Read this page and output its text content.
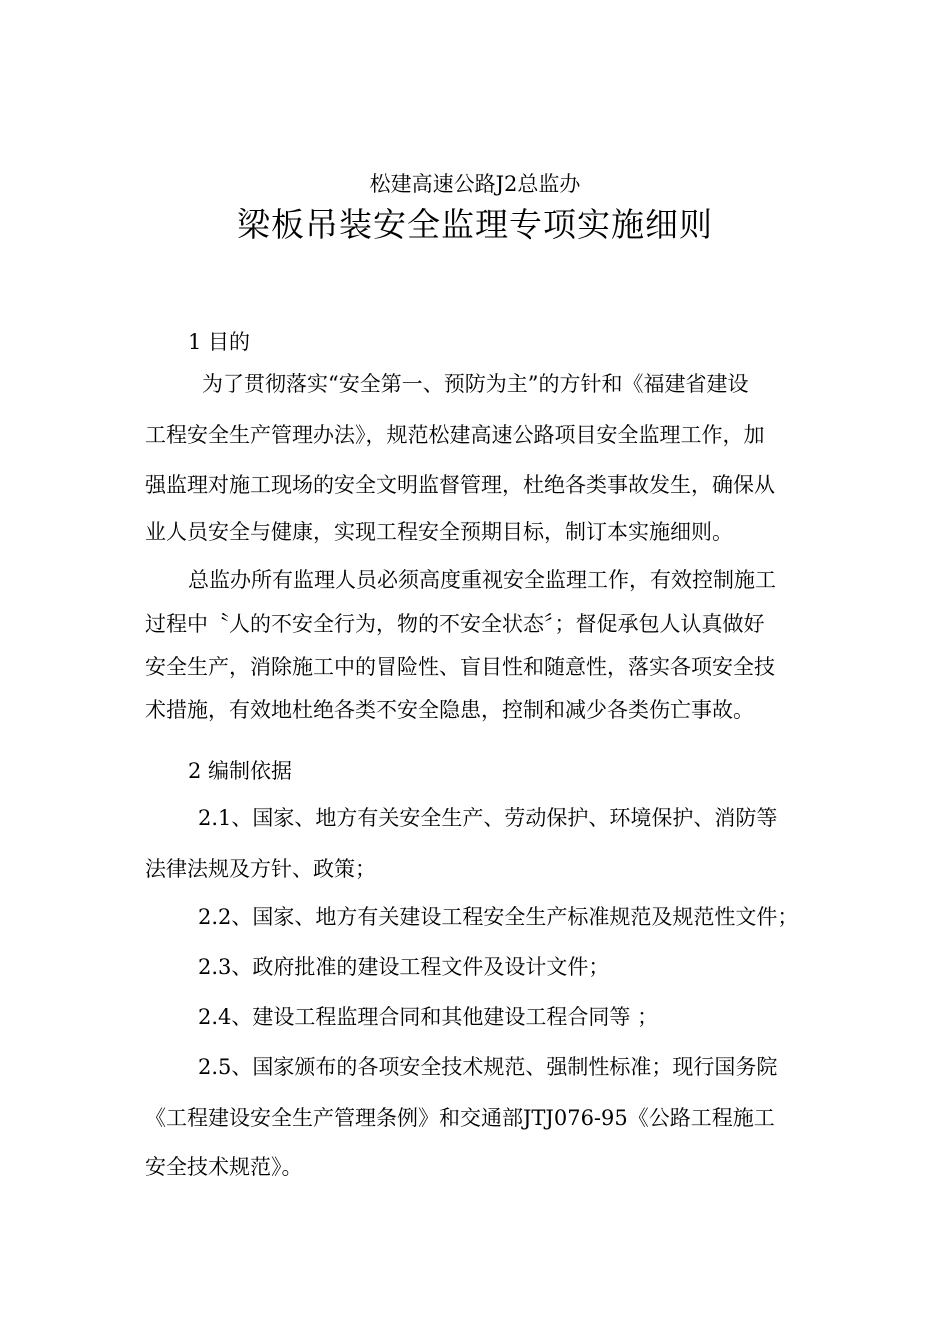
松建高速公路J2总监办
梁板吊装安全监理专项实施细则
1 目的
为了贯彻落实“安全第一、预防为主”的方针和《福建省建设
工程安全生产管理办法》，规范松建高速公路项目安全监理工作，加
强监理对施工现场的安全文明监督管理，杜绝各类事故发生，确保从
业人员安全与健康，实现工程安全预期目标，制订本实施细则。
总监办所有监理人员必须高度重视安全监理工作，有效控制施工
过程中〝人的不安全行为，物的不安全状态〞；督促承包人认真做好
安全生产，消除施工中的冒险性、盲目性和随意性，落实各项安全技
术措施，有效地杜绝各类不安全隐患，控制和减少各类伤亡事故。
2 编制依据
2.1、国家、地方有关安全生产、劳动保护、环境保护、消防等
法律法规及方针、政策；
2.2、国家、地方有关建设工程安全生产标准规范及规范性文件；
2.3、政府批准的建设工程文件及设计文件；
2.4、建设工程监理合同和其他建设工程合同等 ；
2.5、国家颁布的各项安全技术规范、强制性标准；现行国务院
《工程建设安全生产管理条例》和交通部JTJ076-95《公路工程施工
安全技术规范》。
